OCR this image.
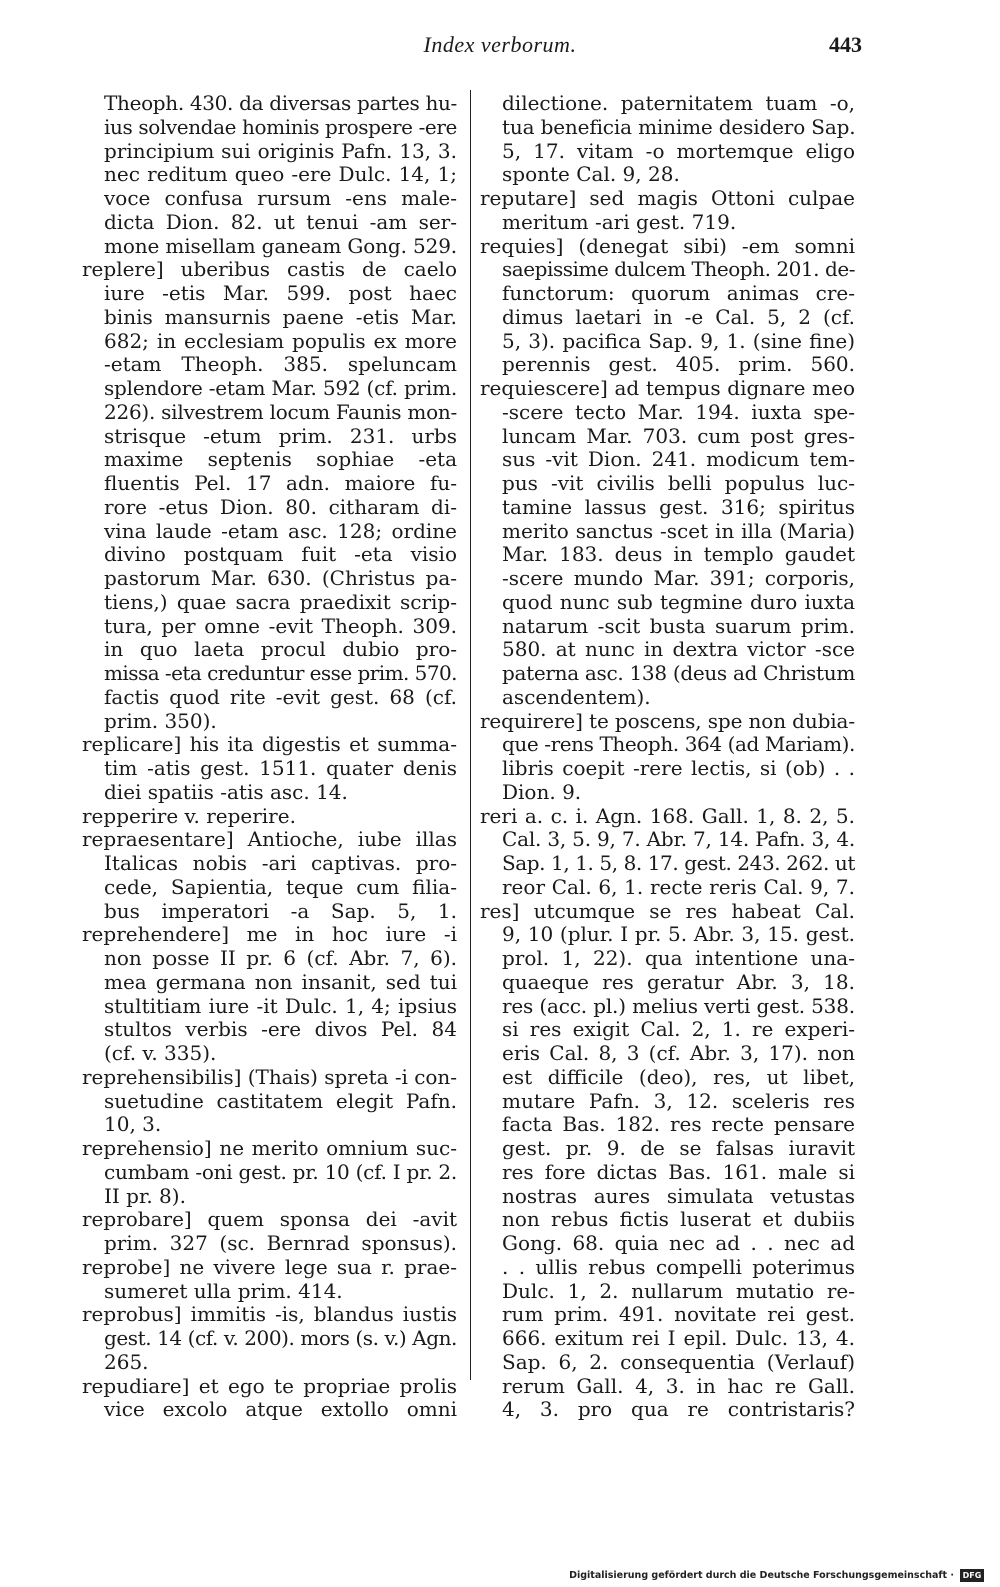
Index verborum.	443
Theoph. 430. da diversas partes hu-
ius solvendae hominis prospere -ere
principium sui originis Pafn. 13, 3.
nec reditum queo -ere Dulc. 14, 1;
voce confusa rursum -ens male-
dicta Dion. 82. ut tenui -am ser-
mone misellam ganeam Gong. 529.
replere] uberibus castis de caelo
iure -etis Mar. 599. post haec
binis mansurnis paene -etis Mar.
682; in ecclesiam populis ex more
-etam Theoph. 385. speluncam
splendore -etam Mar. 592 (cf. prim.
226). silvestrem locum Faunis mon-
strisque -etum prim. 231. urbs
maxime septenis sophiae -eta
fluentis Pel. 17 adn. maiore fu-
rore -etus Dion. 80. citharam di-
vina laude -etam asc. 128; ordine
divino postquam fuit -eta visio
pastorum Mar. 630. (Christus pa-
tiens,) quae sacra praedixit scrip-
tura, per omne -evit Theoph. 309.
in quo laeta procul dubio pro-
missa -eta creduntur esse prim. 570.
factis quod rite -evit gest. 68 (cf.
prim. 350).
replicare] his ita digestis et summa-
tim -atis gest. 1511. quater denis
diei spatiis -atis asc. 14.
repperire v. reperire.
repraesentare] Antioche, iube illas
Italicas nobis -ari captivas. pro-
cede, Sapientia, teque cum filia-
bus imperatori -a Sap. 5, 1.
reprehendere] me in hoc iure -i
non posse II pr. 6 (cf. Abr. 7, 6).
mea germana non insanit, sed tui
stultitiam iure -it Dulc. 1, 4; ipsius
stultos verbis -ere divos Pel. 84
(cf. v. 335).
reprehensibilis] (Thais) spreta -i con-
suetudine castitatem elegit Pafn.
10, 3.
reprehensio] ne merito omnium suc-
cumbam -oni gest. pr. 10 (cf. I pr. 2.
II pr. 8).
reprobare] quem sponsa dei -avit
prim. 327 (sc. Bernrad sponsus).
reprobe] ne vivere lege sua r. prae-
sumeret ulla prim. 414.
reprobus] immitis -is, blandus iustis
gest. 14 (cf. v. 200). mors (s. v.) Agn.
265.
repudiare] et ego te propriae prolis
vice excolo atque extollo omni
dilectione. paternitatem tuam -o,
tua beneficia minime desidero Sap.
5, 17. vitam -o mortemque eligo
sponte Cal. 9, 28.
reputare] sed magis Ottoni culpae
meritum -ari gest. 719.
requies] (denegat sibi) -em somni
saepissime dulcem Theoph. 201. de-
functorum: quorum animas cre-
dimus laetari in -e Cal. 5, 2 (cf.
5, 3). pacifica Sap. 9, 1. (sine fine)
perennis gest. 405. prim. 560.
requiescere] ad tempus dignare meo
-scere tecto Mar. 194. iuxta spe-
luncam Mar. 703. cum post gres-
sus -vit Dion. 241. modicum tem-
pus -vit civilis belli populus luc-
tamine lassus gest. 316; spiritus
merito sanctus -scet in illa (Maria)
Mar. 183. deus in templo gaudet
-scere mundo Mar. 391; corporis,
quod nunc sub tegmine duro iuxta
natarum -scit busta suarum prim.
580. at nunc in dextra victor -sce
paterna asc. 138 (deus ad Christum
ascendentem).
requirere] te poscens, spe non dubia-
que -rens Theoph. 364 (ad Mariam).
libris coepit -rere lectis, si (ob) . .
Dion. 9.
reri a. c. i. Agn. 168. Gall. 1, 8. 2, 5.
Cal. 3, 5. 9, 7. Abr. 7, 14. Pafn. 3, 4.
Sap. 1, 1. 5, 8. 17. gest. 243. 262. ut
reor Cal. 6, 1. recte reris Cal. 9, 7.
res] utcumque se res habeat Cal.
9, 10 (plur. I pr. 5. Abr. 3, 15. gest.
prol. 1, 22). qua intentione una-
quaeque res geratur Abr. 3, 18.
res (acc. pl.) melius verti gest. 538.
si res exigit Cal. 2, 1. re experi-
eris Cal. 8, 3 (cf. Abr. 3, 17). non
est difficile (deo), res, ut libet,
mutare Pafn. 3, 12. sceleris res
facta Bas. 182. res recte pensare
gest. pr. 9. de se falsas iuravit
res fore dictas Bas. 161. male si
nostras aures simulata vetustas
non rebus fictis luserat et dubiis
Gong. 68. quia nec ad . . nec ad
. . ullis rebus compelli poterimus
Dulc. 1, 2. nullarum mutatio re-
rum prim. 491. novitate rei gest.
666. exitum rei I epil. Dulc. 13, 4.
Sap. 6, 2. consequentia (Verlauf)
rerum Gall. 4, 3. in hac re Gall.
4, 3. pro qua re contristaris?
Digitalisierung gefördert durch die Deutsche Forschungsgemeinschaft ·	DFG
